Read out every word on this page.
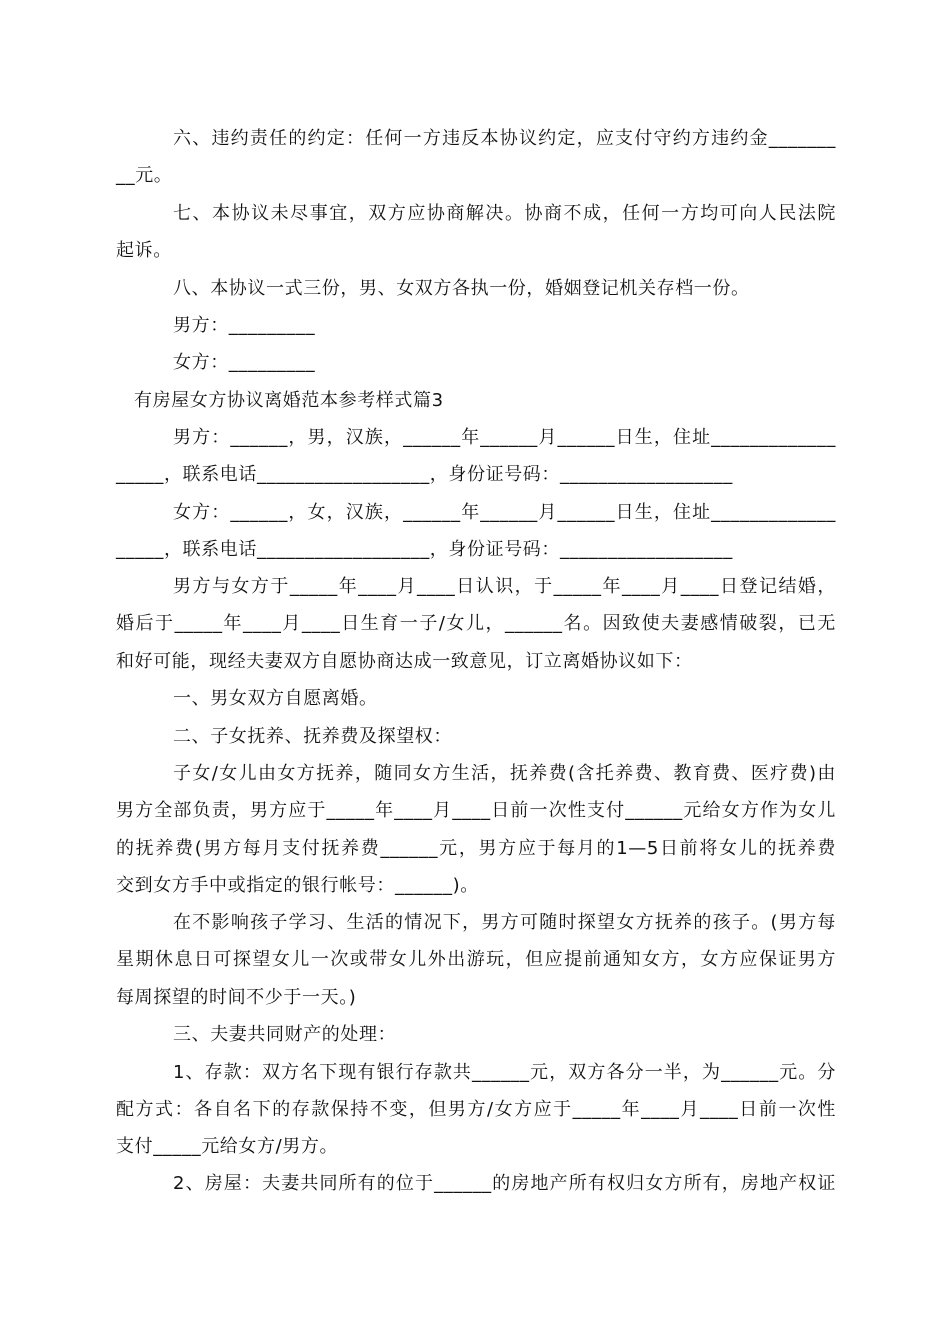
六、违约责任的约定：任何一方违反本协议约定，应支付守约方违约金_______
__元。
七、本协议未尽事宜，双方应协商解决。协商不成，任何一方均可向人民法院
起诉。
八、本协议一式三份，男、女双方各执一份，婚姻登记机关存档一份。
男方：_________
女方：_________
有房屋女方协议离婚范本参考样式篇3
男方：______，男，汉族，______年______月______日生，住址_____________
_____，联系电话__________________，身份证号码：__________________
女方：______，女，汉族，______年______月______日生，住址_____________
_____，联系电话__________________，身份证号码：__________________
男方与女方于_____年____月____日认识，于_____年____月____日登记结婚，
婚后于_____年____月____日生育一子/女儿，______名。因致使夫妻感情破裂，已无
和好可能，现经夫妻双方自愿协商达成一致意见，订立离婚协议如下：
一、男女双方自愿离婚。
二、子女抚养、抚养费及探望权：
子女/女儿由女方抚养，随同女方生活，抚养费(含托养费、教育费、医疗费)由
男方全部负责，男方应于_____年____月____日前一次性支付______元给女方作为女儿
的抚养费(男方每月支付抚养费______元，男方应于每月的1—5日前将女儿的抚养费
交到女方手中或指定的银行帐号：______)。
在不影响孩子学习、生活的情况下，男方可随时探望女方抚养的孩子。(男方每
星期休息日可探望女儿一次或带女儿外出游玩，但应提前通知女方，女方应保证男方
每周探望的时间不少于一天。)
三、夫妻共同财产的处理：
1、存款：双方名下现有银行存款共______元，双方各分一半，为______元。分
配方式：各自名下的存款保持不变，但男方/女方应于_____年____月____日前一次性
支付_____元给女方/男方。
2、房屋：夫妻共同所有的位于______的房地产所有权归女方所有，房地产权证
